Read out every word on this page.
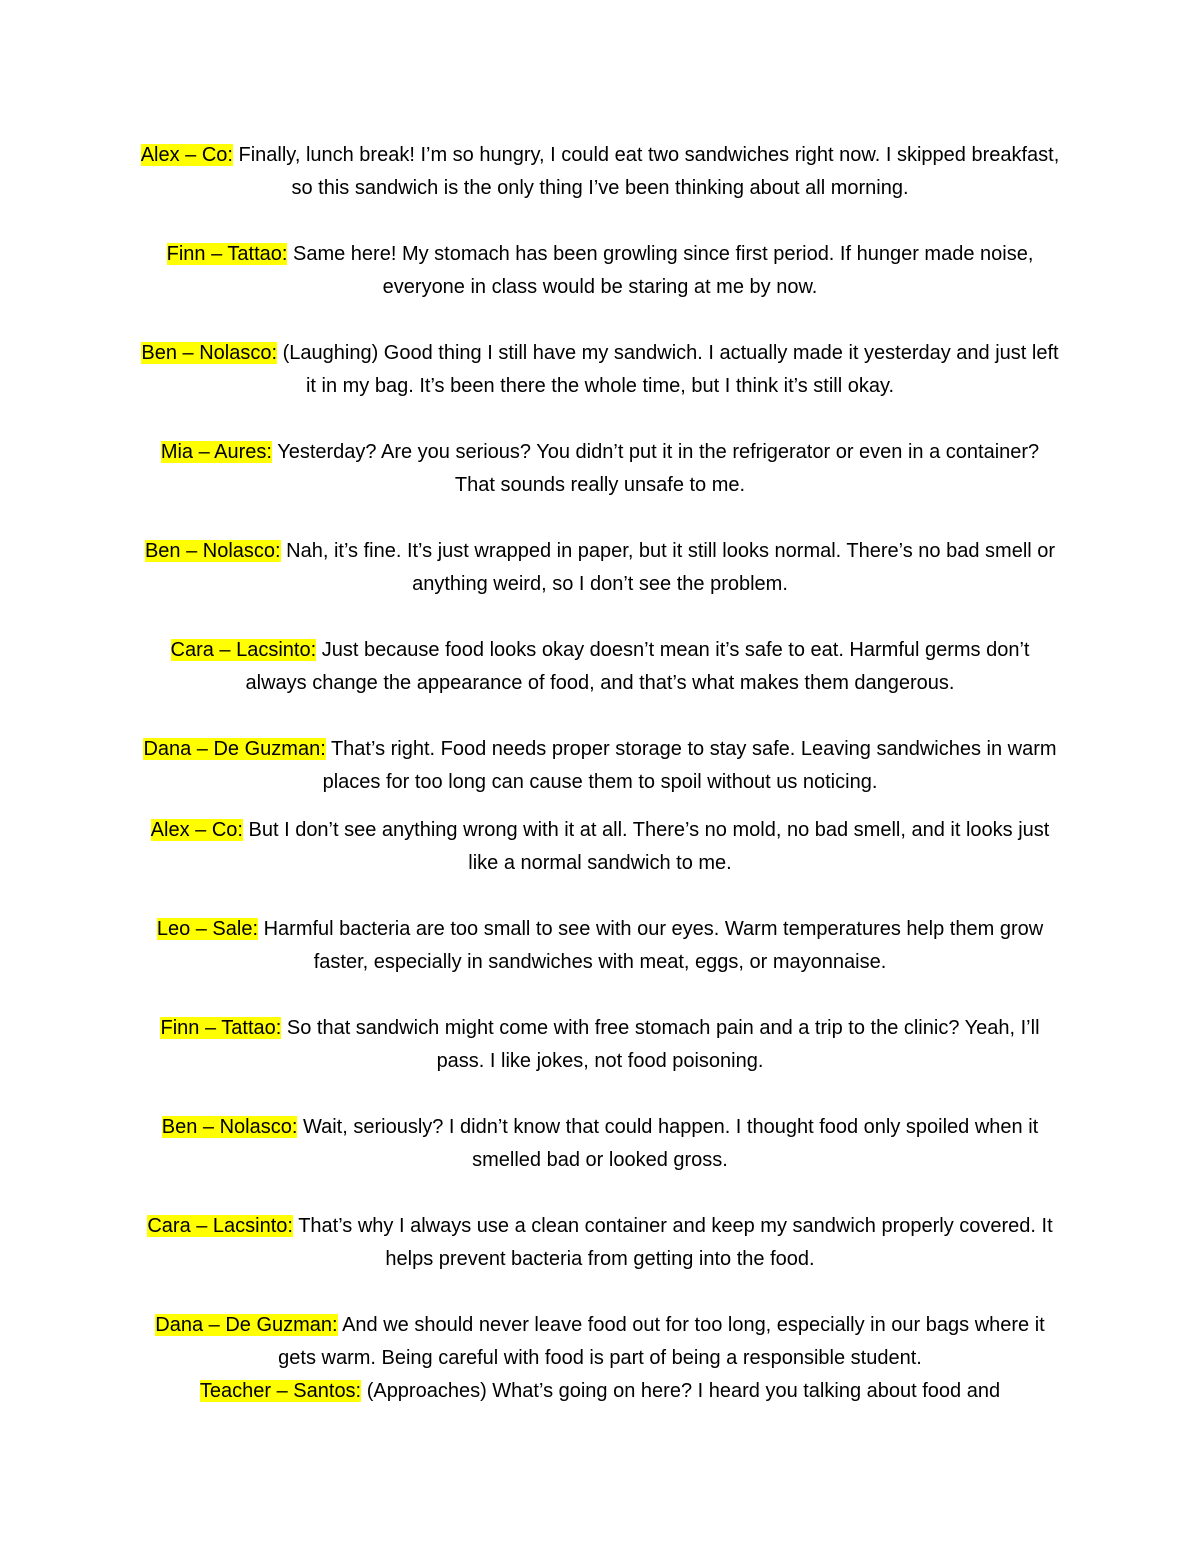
Alex – Co: Finally, lunch break! I’m so hungry, I could eat two sandwiches right now. I skipped breakfast, so this sandwich is the only thing I’ve been thinking about all morning.

Finn – Tattao: Same here! My stomach has been growling since first period. If hunger made noise, everyone in class would be staring at me by now.

Ben – Nolasco: (Laughing) Good thing I still have my sandwich. I actually made it yesterday and just left it in my bag. It’s been there the whole time, but I think it’s still okay.

Mia – Aures: Yesterday? Are you serious? You didn’t put it in the refrigerator or even in a container? That sounds really unsafe to me.

Ben – Nolasco: Nah, it’s fine. It’s just wrapped in paper, but it still looks normal. There’s no bad smell or anything weird, so I don’t see the problem.

Cara – Lacsinto: Just because food looks okay doesn’t mean it’s safe to eat. Harmful germs don’t always change the appearance of food, and that’s what makes them dangerous.

Dana – De Guzman: That’s right. Food needs proper storage to stay safe. Leaving sandwiches in warm places for too long can cause them to spoil without us noticing.

Alex – Co: But I don’t see anything wrong with it at all. There’s no mold, no bad smell, and it looks just like a normal sandwich to me.

Leo – Sale: Harmful bacteria are too small to see with our eyes. Warm temperatures help them grow faster, especially in sandwiches with meat, eggs, or mayonnaise.

Finn – Tattao: So that sandwich might come with free stomach pain and a trip to the clinic? Yeah, I’ll pass. I like jokes, not food poisoning.

Ben – Nolasco: Wait, seriously? I didn’t know that could happen. I thought food only spoiled when it smelled bad or looked gross.

Cara – Lacsinto: That’s why I always use a clean container and keep my sandwich properly covered. It helps prevent bacteria from getting into the food.

Dana – De Guzman: And we should never leave food out for too long, especially in our bags where it gets warm. Being careful with food is part of being a responsible student.

Teacher – Santos: (Approaches) What’s going on here? I heard you talking about food and
